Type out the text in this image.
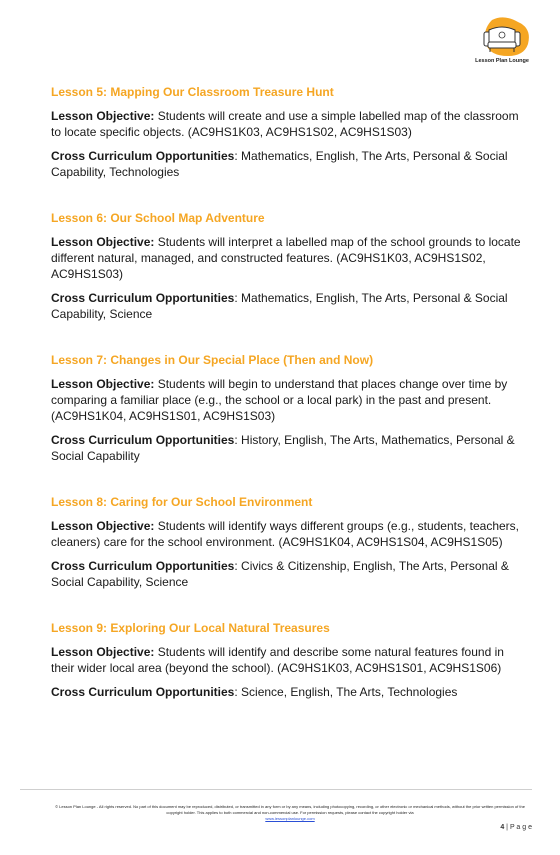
Lesson Plan Lounge
Lesson 5: Mapping Our Classroom Treasure Hunt
Lesson Objective: Students will create and use a simple labelled map of the classroom to locate specific objects. (AC9HS1K03, AC9HS1S02, AC9HS1S03)
Cross Curriculum Opportunities: Mathematics, English, The Arts, Personal & Social Capability, Technologies
Lesson 6: Our School Map Adventure
Lesson Objective: Students will interpret a labelled map of the school grounds to locate different natural, managed, and constructed features. (AC9HS1K03, AC9HS1S02, AC9HS1S03)
Cross Curriculum Opportunities: Mathematics, English, The Arts, Personal & Social Capability, Science
Lesson 7: Changes in Our Special Place (Then and Now)
Lesson Objective: Students will begin to understand that places change over time by comparing a familiar place (e.g., the school or a local park) in the past and present. (AC9HS1K04, AC9HS1S01, AC9HS1S03)
Cross Curriculum Opportunities: History, English, The Arts, Mathematics, Personal & Social Capability
Lesson 8: Caring for Our School Environment
Lesson Objective: Students will identify ways different groups (e.g., students, teachers, cleaners) care for the school environment. (AC9HS1K04, AC9HS1S04, AC9HS1S05)
Cross Curriculum Opportunities: Civics & Citizenship, English, The Arts, Personal & Social Capability, Science
Lesson 9: Exploring Our Local Natural Treasures
Lesson Objective: Students will identify and describe some natural features found in their wider local area (beyond the school). (AC9HS1K03, AC9HS1S01, AC9HS1S06)
Cross Curriculum Opportunities: Science, English, The Arts, Technologies
© Lesson Plan Lounge - All rights reserved. No part of this document may be reproduced, distributed, or transmitted in any form or by any means, including photocopying, recording, or other electronic or mechanical methods, without the prior written permission of the copyright holder. This applies to both commercial and non-commercial use. For permission requests, please contact the copyright holder via
www.lessonplanlounge.com
4 | P a g e
